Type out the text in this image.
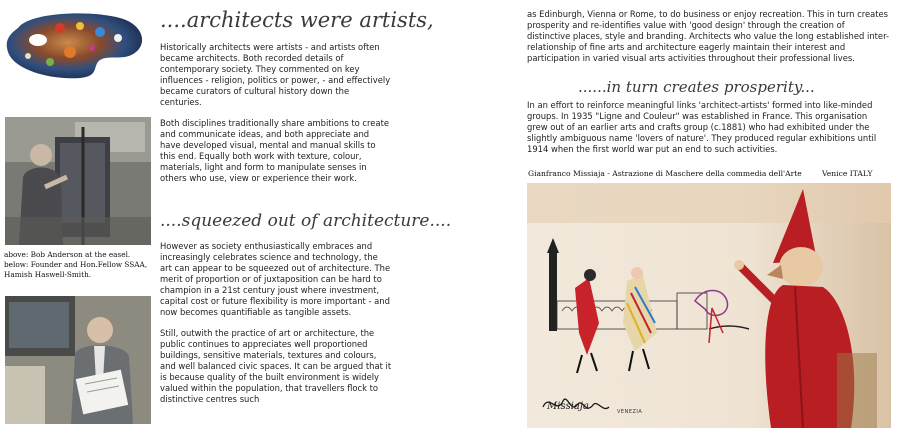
above: Bob Anderson at the easel. below: Founder and Hon.Fellow SSAA, Hamish Haswell-Smith.
....architects were artists,

Historically architects were artists - and artists often became architects. Both recorded details of contemporary society. They commented on key influences - religion, politics or power, - and effectively became curators of cultural history down the centuries.

Both disciplines traditionally share ambitions to create and communicate ideas, and both appreciate and have developed visual, mental and manual skills to this end. Equally both work with texture, colour, materials, light and form to manipulate senses in others who use, view or experience their work.

....squeezed out of architecture....

However as society enthusiastically embraces and increasingly celebrates science and technology, the art can appear to be squeezed out of architecture. The merit of proportion or of juxtaposition can be hard to champion in a 21st century joust where investment, capital cost or future flexibility is more important - and now becomes quantifiable as tangible assets.

Still, outwith the practice of art or architecture, the public continues to appreciates well proportioned buildings, sensitive materials, textures and colours, and well balanced civic spaces. It can be argued that it is because quality of the built environment is widely valued within the population, that travellers flock to distinctive centres such

as Edinburgh, Vienna or Rome, to do business or enjoy recreation. This in turn creates prosperity and re-identifies value with 'good design' through the creation of distinctive places, style and branding. Architects who value the long established inter-relationship of fine arts and architecture eagerly maintain their interest and participation in varied visual arts activities throughout their professional lives.

......in turn creates prosperity...

In an effort to reinforce meaningful links 'architect-artists' formed into like-minded groups. In 1935 "Ligne and Couleur" was established in France. This organisation grew out of an earlier arts and crafts group (c.1881) who had exhibited under the slightly ambiguous name 'lovers of nature'. They produced regular exhibitions until 1914 when the first world war put an end to such activities.

Gianfranco Missiaja - Astrazione di Maschere della commedia dell'Arte	Venice ITALY
Missiaja	VENEZIA
